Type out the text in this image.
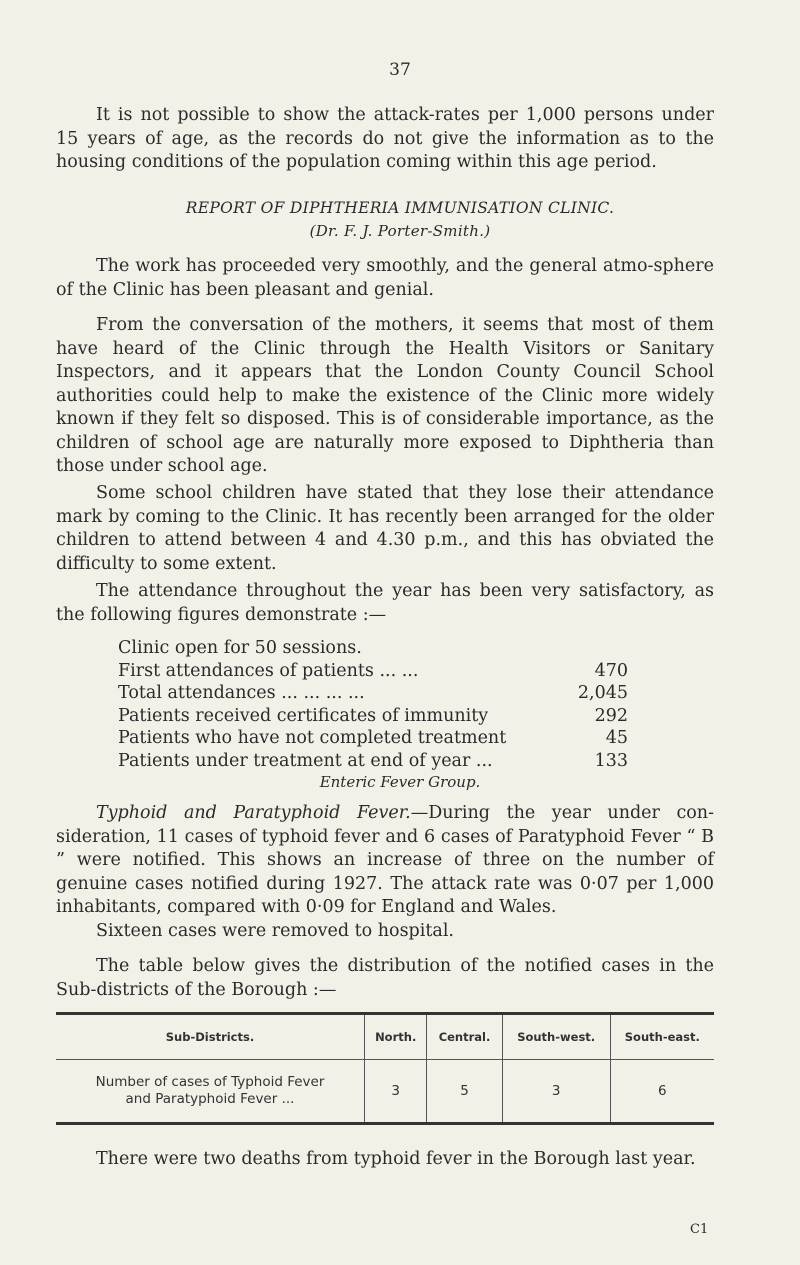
37

It is not possible to show the attack-rates per 1,000 persons under 15 years of age, as the records do not give the information as to the housing conditions of the population coming within this age period.

REPORT OF DIPHTHERIA IMMUNISATION CLINIC.
(Dr. F. J. Porter-Smith.)

The work has proceeded very smoothly, and the general atmo-sphere of the Clinic has been pleasant and genial.

From the conversation of the mothers, it seems that most of them have heard of the Clinic through the Health Visitors or Sanitary Inspectors, and it appears that the London County Council School authorities could help to make the existence of the Clinic more widely known if they felt so disposed. This is of considerable importance, as the children of school age are naturally more exposed to Diphtheria than those under school age.

Some school children have stated that they lose their attendance mark by coming to the Clinic. It has recently been arranged for the older children to attend between 4 and 4.30 p.m., and this has obviated the difficulty to some extent.

The attendance throughout the year has been very satisfactory, as the following figures demonstrate :—

Clinic open for 50 sessions.
First attendances of patients ... ...	470
Total attendances ... ... ... ...	2,045
Patients received certificates of immunity	292
Patients who have not completed treatment	45
Patients under treatment at end of year ...	133
Enteric Fever Group.

Typhoid and Paratyphoid Fever.—During the year under con-sideration, 11 cases of typhoid fever and 6 cases of Paratyphoid Fever “ B ” were notified. This shows an increase of three on the number of genuine cases notified during 1927. The attack rate was 0·07 per 1,000 inhabitants, compared with 0·09 for England and Wales.

Sixteen cases were removed to hospital.

The table below gives the distribution of the notified cases in the Sub-districts of the Borough :—

Sub-Districts.	North.	Central.	South-west.	South-east.
Number of cases of Typhoid Fever
and Paratyphoid Fever ...	3	5	3	6

There were two deaths from typhoid fever in the Borough last year.

C1
